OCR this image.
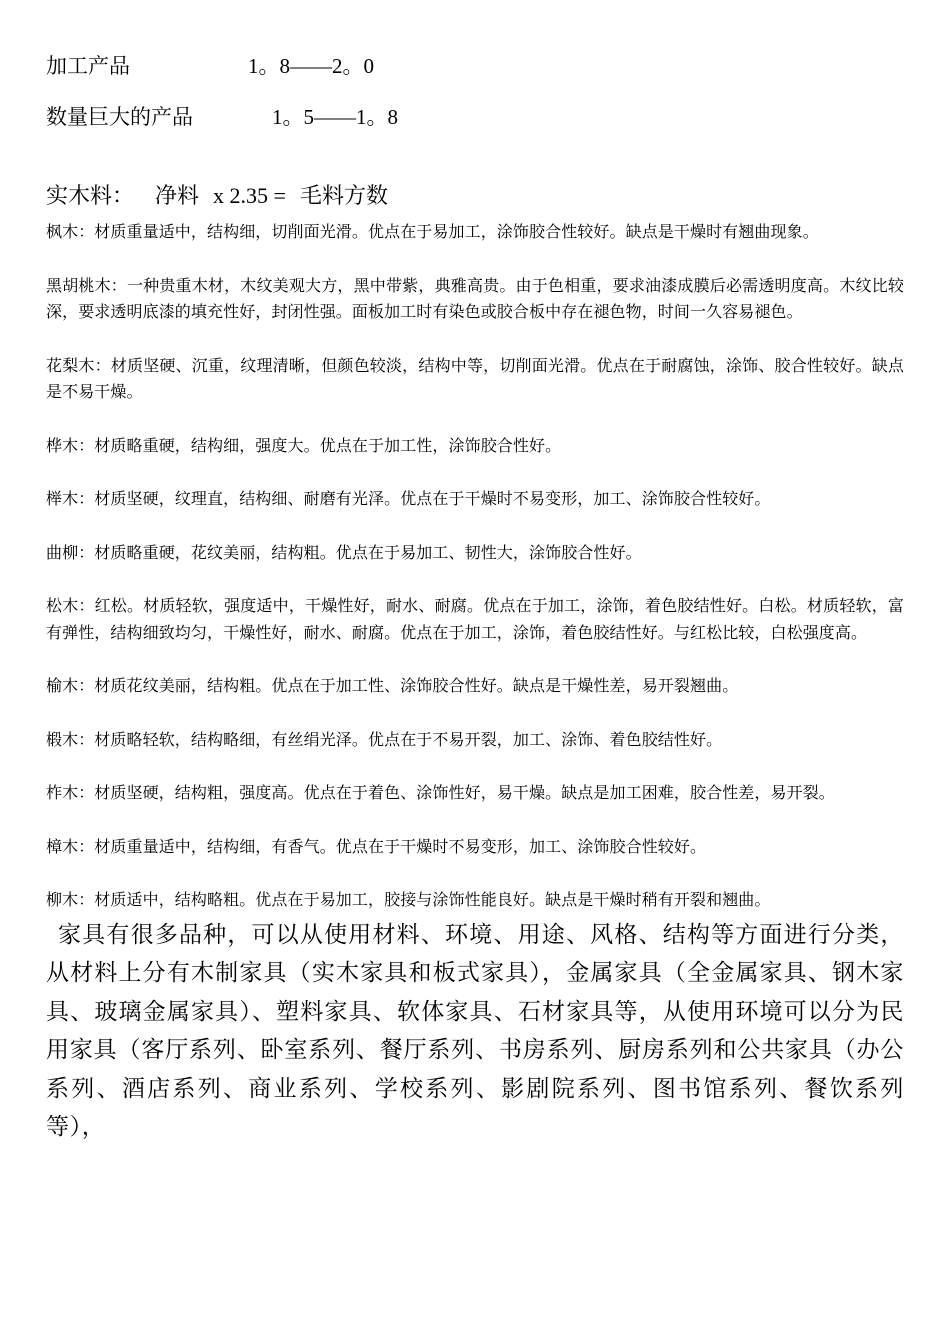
加工产品	1。8——2。0
数量巨大的产品	1。5——1。8
实木料： 净料 x 2.35 = 毛料方数
枫木：材质重量适中，结构细，切削面光滑。优点在于易加工，涂饰胶合性较好。缺点是干燥时有翘曲现象。
黑胡桃木：一种贵重木材，木纹美观大方，黑中带紫，典雅高贵。由于色相重，要求油漆成膜后必需透明度高。木纹比较深，要求透明底漆的填充性好，封闭性强。面板加工时有染色或胶合板中存在褪色物，时间一久容易褪色。
花梨木：材质坚硬、沉重，纹理清晰，但颜色较淡，结构中等，切削面光滑。优点在于耐腐蚀，涂饰、胶合性较好。缺点是不易干燥。
桦木：材质略重硬，结构细，强度大。优点在于加工性，涂饰胶合性好。
榉木：材质坚硬，纹理直，结构细、耐磨有光泽。优点在于干燥时不易变形，加工、涂饰胶合性较好。
曲柳：材质略重硬，花纹美丽，结构粗。优点在于易加工、韧性大，涂饰胶合性好。
松木：红松。材质轻软，强度适中，干燥性好，耐水、耐腐。优点在于加工，涂饰，着色胶结性好。白松。材质轻软，富有弹性，结构细致均匀，干燥性好，耐水、耐腐。优点在于加工，涂饰，着色胶结性好。与红松比较，白松强度高。
榆木：材质花纹美丽，结构粗。优点在于加工性、涂饰胶合性好。缺点是干燥性差，易开裂翘曲。
椴木：材质略轻软，结构略细，有丝绢光泽。优点在于不易开裂，加工、涂饰、着色胶结性好。
柞木：材质坚硬，结构粗，强度高。优点在于着色、涂饰性好，易干燥。缺点是加工困难，胶合性差，易开裂。
樟木：材质重量适中，结构细，有香气。优点在于干燥时不易变形，加工、涂饰胶合性较好。
柳木：材质适中，结构略粗。优点在于易加工，胶接与涂饰性能良好。缺点是干燥时稍有开裂和翘曲。

家具有很多品种，可以从使用材料、环境、用途、风格、结构等方面进行分类，从材料上分有木制家具（实木家具和板式家具），金属家具（全金属家具、钢木家具、玻璃金属家具）、塑料家具、软体家具、石材家具等，从使用环境可以分为民用家具（客厅系列、卧室系列、餐厅系列、书房系列、厨房系列和公共家具（办公系列、酒店系列、商业系列、学校系列、影剧院系列、图书馆系列、餐饮系列等），
